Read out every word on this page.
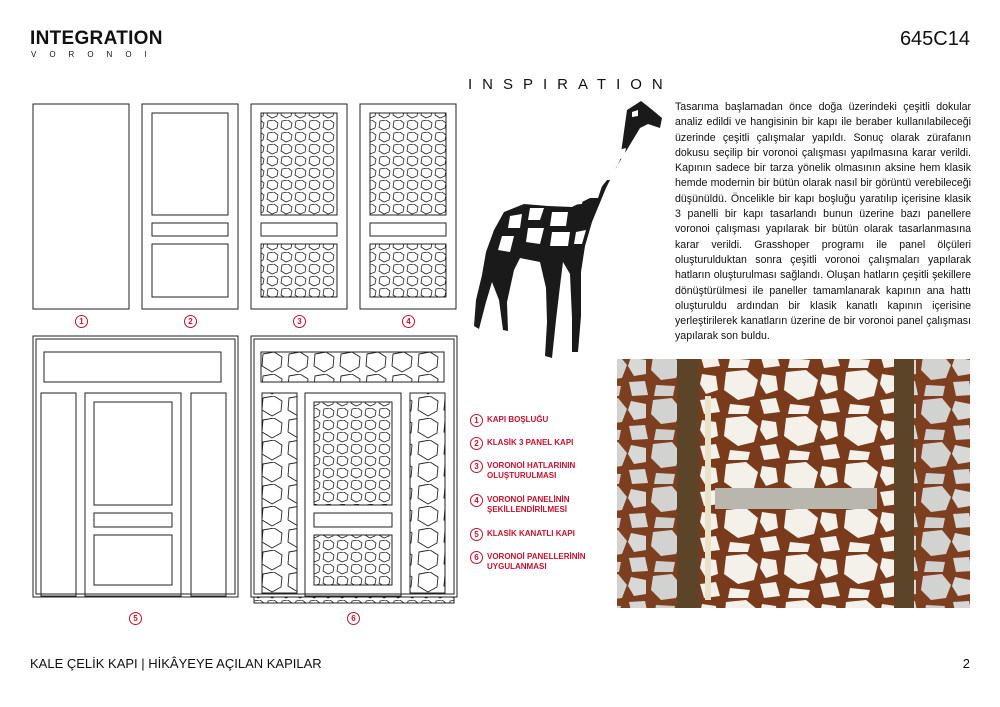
INTEGRATION
VORONOI
645C14
INSPIRATION
Tasarıma başlamadan önce doğa üzerindeki çeşitli dokular analiz edildi ve hangisinin bir kapı ile beraber kullanılabileceği üzerinde çeşitli çalışmalar yapıldı. Sonuç olarak zürafanın dokusu seçilip bir voronoi çalışması yapılmasına karar verildi. Kapının sadece bir tarza yönelik olmasının aksine hem klasik hemde modernin bir bütün olarak nasıl bir görüntü verebileceği düşünüldü. Öncelikle bir kapı boşluğu yaratılıp içerisine klasik 3 panelli bir kapı tasarlandı bunun üzerine bazı panellere voronoi çalışması yapılarak bir bütün olarak tasarlanmasına karar verildi. Grasshoper programı ile panel ölçüleri oluşturulduktan sonra çeşitli voronoi çalışmaları yapılarak hatların oluşturulması sağlandı. Oluşan hatların çeşitli şekillere dönüştürülmesi ile paneller tamamlanarak kapının ana hattı oluşturuldu ardından bir klasik kanatlı kapının içerisine yerleştirilerek kanatların üzerine de bir voronoi panel çalışması yapılarak son buldu.
1	2	3	4
5	6
1	KAPI BOŞLUĞU
2	KLASİK 3 PANEL KAPI
3	VORONOİ HATLARININ OLUŞTURULMASI
4	VORONOİ PANELİNİN ŞEKİLLENDİRİLMESİ
5	KLASİK KANATLI KAPI
6	VORONOİ PANELLERİNİN UYGULANMASI
KALE ÇELİK KAPI | HİKÂYEYE AÇILAN KAPILAR	2
